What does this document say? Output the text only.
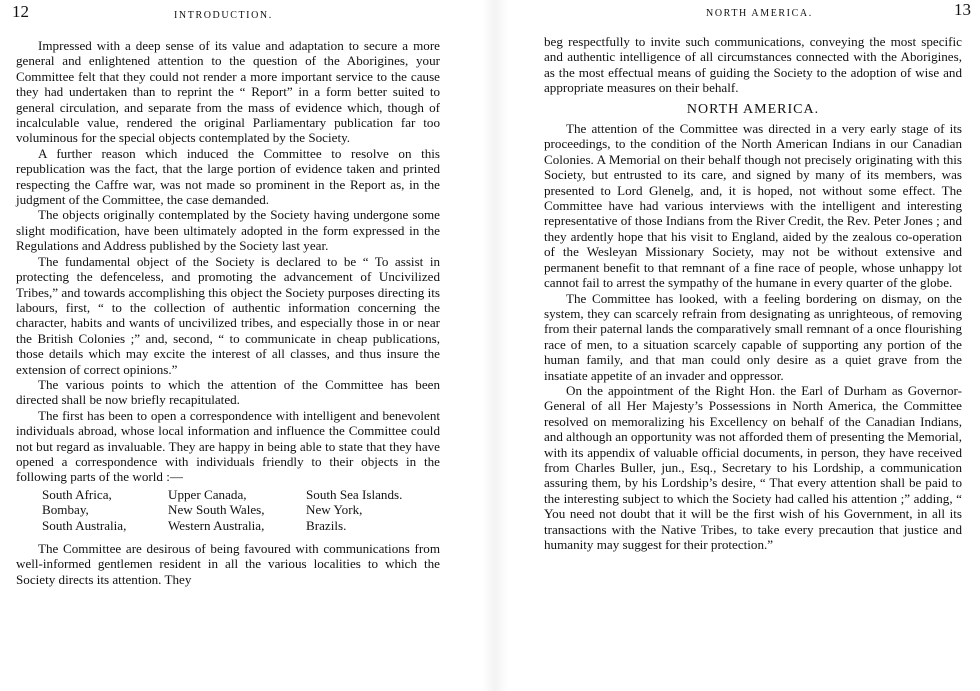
12	INTRODUCTION.

Impressed with a deep sense of its value and adaptation to secure a more general and enlightened attention to the question of the Aborigines, your Committee felt that they could not render a more important service to the cause they had undertaken than to reprint the “ Report” in a form better suited to general circulation, and separate from the mass of evidence which, though of incalculable value, rendered the original Parliamentary publication far too voluminous for the special objects contemplated by the Society.

A further reason which induced the Committee to resolve on this republication was the fact, that the large portion of evidence taken and printed respecting the Caffre war, was not made so prominent in the Report as, in the judgment of the Committee, the case demanded.

The objects originally contemplated by the Society having undergone some slight modification, have been ultimately adopted in the form expressed in the Regulations and Address published by the Society last year.

The fundamental object of the Society is declared to be “ To assist in protecting the defenceless, and promoting the advancement of Uncivilized Tribes,” and towards accomplishing this object the Society purposes directing its labours, first, “ to the collection of authentic information concerning the character, habits and wants of uncivilized tribes, and especially those in or near the British Colonies ;” and, second, “ to communicate in cheap publications, those details which may excite the interest of all classes, and thus insure the extension of correct opinions.”

The various points to which the attention of the Committee has been directed shall be now briefly recapitulated.

The first has been to open a correspondence with intelligent and benevolent individuals abroad, whose local information and influence the Committee could not but regard as invaluable. They are happy in being able to state that they have opened a correspondence with individuals friendly to their objects in the following parts of the world :—

South Africa,	Upper Canada,	South Sea Islands.
Bombay,	New South Wales,	New York,
South Australia,	Western Australia,	Brazils.

The Committee are desirous of being favoured with communications from well-informed gentlemen resident in all the various localities to which the Society directs its attention. They

NORTH AMERICA.	13

beg respectfully to invite such communications, conveying the most specific and authentic intelligence of all circumstances connected with the Aborigines, as the most effectual means of guiding the Society to the adoption of wise and appropriate measures on their behalf.

NORTH AMERICA.

The attention of the Committee was directed in a very early stage of its proceedings, to the condition of the North American Indians in our Canadian Colonies. A Memorial on their behalf though not precisely originating with this Society, but entrusted to its care, and signed by many of its members, was presented to Lord Glenelg, and, it is hoped, not without some effect. The Committee have had various interviews with the intelligent and interesting representative of those Indians from the River Credit, the Rev. Peter Jones ; and they ardently hope that his visit to England, aided by the zealous co-operation of the Wesleyan Missionary Society, may not be without extensive and permanent benefit to that remnant of a fine race of people, whose unhappy lot cannot fail to arrest the sympathy of the humane in every quarter of the globe.

The Committee has looked, with a feeling bordering on dismay, on the system, they can scarcely refrain from designating as unrighteous, of removing from their paternal lands the comparatively small remnant of a once flourishing race of men, to a situation scarcely capable of supporting any portion of the human family, and that man could only desire as a quiet grave from the insatiate appetite of an invader and oppressor.

On the appointment of the Right Hon. the Earl of Durham as Governor-General of all Her Majesty’s Possessions in North America, the Committee resolved on memoralizing his Excellency on behalf of the Canadian Indians, and although an opportunity was not afforded them of presenting the Memorial, with its appendix of valuable official documents, in person, they have received from Charles Buller, jun., Esq., Secretary to his Lordship, a communication assuring them, by his Lordship’s desire, “ That every attention shall be paid to the interesting subject to which the Society had called his attention ;” adding, “ You need not doubt that it will be the first wish of his Government, in all its transactions with the Native Tribes, to take every precaution that justice and humanity may suggest for their protection.”
